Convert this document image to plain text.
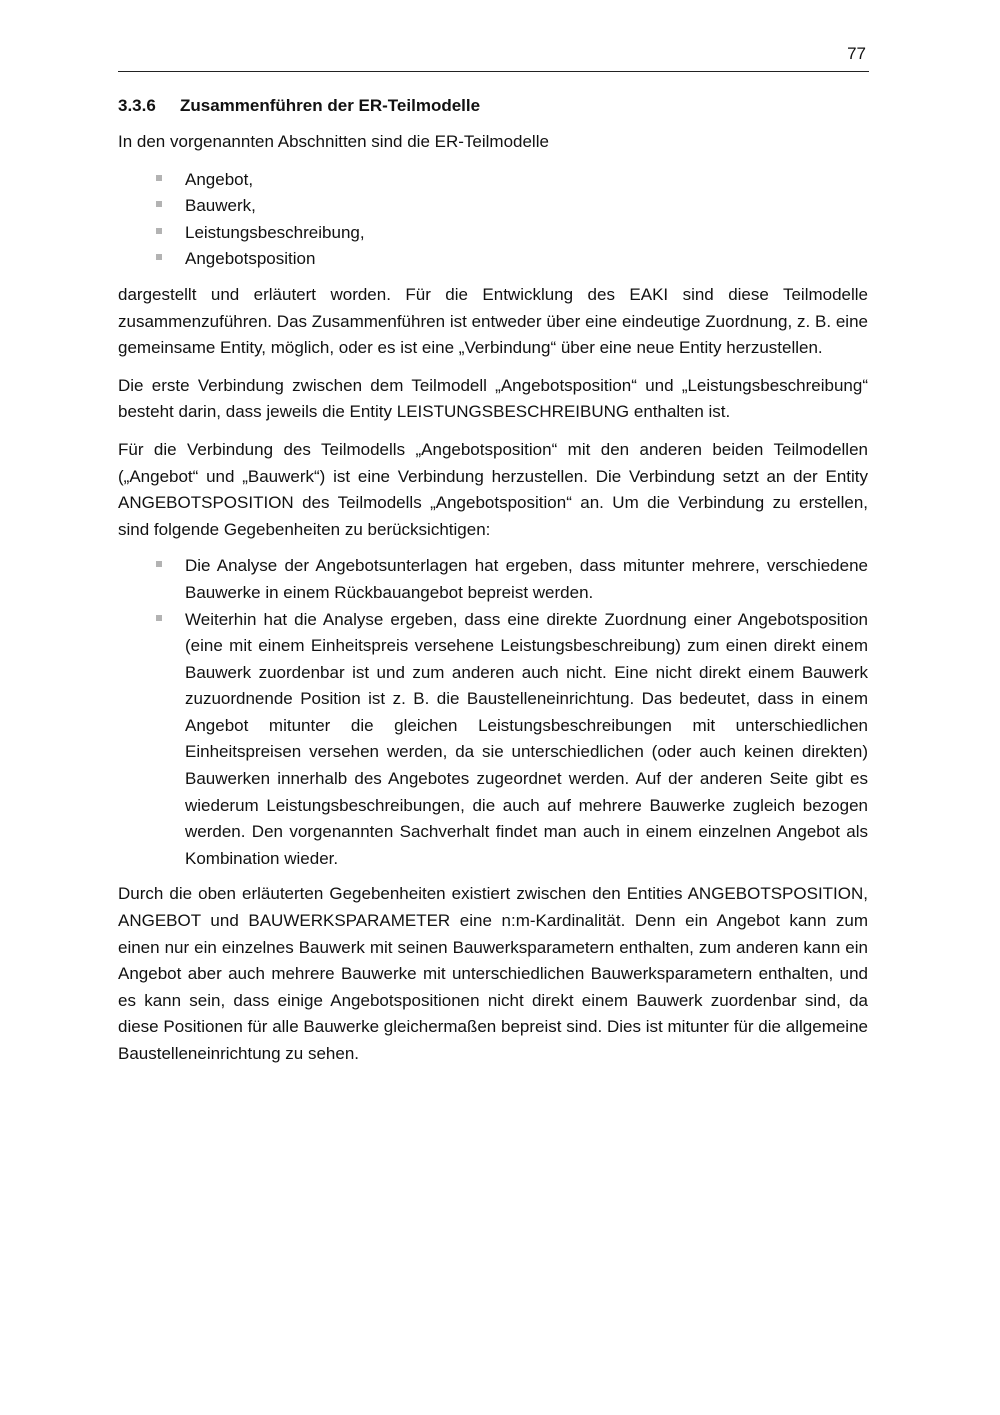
77
3.3.6 Zusammenführen der ER-Teilmodelle

In den vorgenannten Abschnitten sind die ER-Teilmodelle

Angebot,
Bauwerk,
Leistungsbeschreibung,
Angebotsposition

dargestellt und erläutert worden. Für die Entwicklung des EAKI sind diese Teilmodelle zusammenzuführen. Das Zusammenführen ist entweder über eine eindeutige Zuordnung, z. B. eine gemeinsame Entity, möglich, oder es ist eine „Verbindung“ über eine neue Entity herzustellen.

Die erste Verbindung zwischen dem Teilmodell „Angebotsposition“ und „Leistungsbeschreibung“ besteht darin, dass jeweils die Entity LEISTUNGSBESCHREIBUNG enthalten ist.

Für die Verbindung des Teilmodells „Angebotsposition“ mit den anderen beiden Teilmodellen („Angebot“ und „Bauwerk“) ist eine Verbindung herzustellen. Die Verbindung setzt an der Entity ANGEBOTSPOSITION des Teilmodells „Angebotsposition“ an. Um die Verbindung zu erstellen, sind folgende Gegebenheiten zu berücksichtigen:

Die Analyse der Angebotsunterlagen hat ergeben, dass mitunter mehrere, verschiedene Bauwerke in einem Rückbauangebot bepreist werden.
Weiterhin hat die Analyse ergeben, dass eine direkte Zuordnung einer Angebotsposition (eine mit einem Einheitspreis versehene Leistungsbeschreibung) zum einen direkt einem Bauwerk zuordenbar ist und zum anderen auch nicht. Eine nicht direkt einem Bauwerk zuzuordnende Position ist z. B. die Baustelleneinrichtung. Das bedeutet, dass in einem Angebot mitunter die gleichen Leistungsbeschreibungen mit unterschiedlichen Einheitspreisen versehen werden, da sie unterschiedlichen (oder auch keinen direkten) Bauwerken innerhalb des Angebotes zugeordnet werden. Auf der anderen Seite gibt es wiederum Leistungsbeschreibungen, die auch auf mehrere Bauwerke zugleich bezogen werden. Den vorgenannten Sachverhalt findet man auch in einem einzelnen Angebot als Kombination wieder.

Durch die oben erläuterten Gegebenheiten existiert zwischen den Entities ANGEBOTSPOSITION, ANGEBOT und BAUWERKSPARAMETER eine n:m-Kardinalität. Denn ein Angebot kann zum einen nur ein einzelnes Bauwerk mit seinen Bauwerksparametern enthalten, zum anderen kann ein Angebot aber auch mehrere Bauwerke mit unterschiedlichen Bauwerksparametern enthalten, und es kann sein, dass einige Angebotspositionen nicht direkt einem Bauwerk zuordenbar sind, da diese Positionen für alle Bauwerke gleichermaßen bepreist sind. Dies ist mitunter für die allgemeine Baustelleneinrichtung zu sehen.
